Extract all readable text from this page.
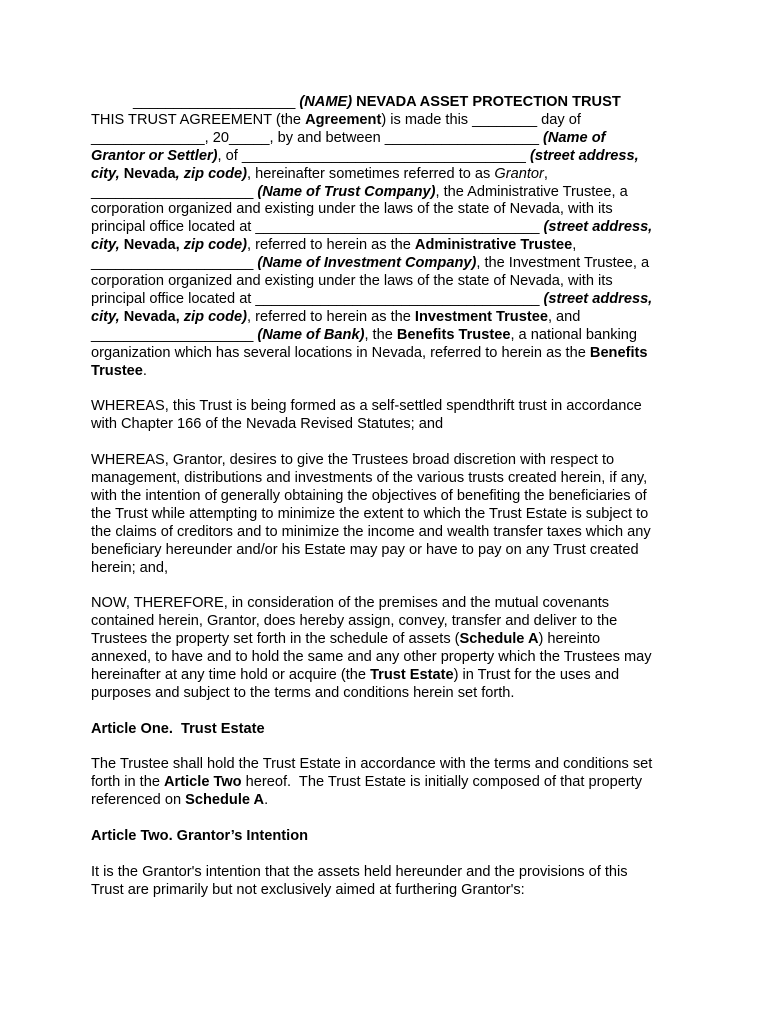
____________________ (NAME) NEVADA ASSET PROTECTION TRUST
THIS TRUST AGREEMENT (the Agreement) is made this ________ day of
______________, 20_____, by and between ___________________ (Name of
Grantor or Settler), of ___________________________________ (street address,
city, Nevada, zip code), hereinafter sometimes referred to as Grantor,
____________________ (Name of Trust Company), the Administrative Trustee, a
corporation organized and existing under the laws of the state of Nevada, with its
principal office located at ___________________________________ (street address,
city, Nevada, zip code), referred to herein as the Administrative Trustee,
____________________ (Name of Investment Company), the Investment Trustee, a
corporation organized and existing under the laws of the state of Nevada, with its
principal office located at ___________________________________ (street address,
city, Nevada, zip code), referred to herein as the Investment Trustee, and
____________________ (Name of Bank), the Benefits Trustee, a national banking
organization which has several locations in Nevada, referred to herein as the Benefits
Trustee.
WHEREAS, this Trust is being formed as a self-settled spendthrift trust in accordance
with Chapter 166 of the Nevada Revised Statutes; and
WHEREAS, Grantor, desires to give the Trustees broad discretion with respect to
management, distributions and investments of the various trusts created herein, if any,
with the intention of generally obtaining the objectives of benefiting the beneficiaries of
the Trust while attempting to minimize the extent to which the Trust Estate is subject to
the claims of creditors and to minimize the income and wealth transfer taxes which any
beneficiary hereunder and/or his Estate may pay or have to pay on any Trust created
herein; and,
NOW, THEREFORE, in consideration of the premises and the mutual covenants
contained herein, Grantor, does hereby assign, convey, transfer and deliver to the
Trustees the property set forth in the schedule of assets (Schedule A) hereinto
annexed, to have and to hold the same and any other property which the Trustees may
hereinafter at any time hold or acquire (the Trust Estate) in Trust for the uses and
purposes and subject to the terms and conditions herein set forth.
Article One.  Trust Estate
The Trustee shall hold the Trust Estate in accordance with the terms and conditions set
forth in the Article Two hereof.  The Trust Estate is initially composed of that property
referenced on Schedule A.
Article Two. Grantor’s Intention
It is the Grantor's intention that the assets held hereunder and the provisions of this
Trust are primarily but not exclusively aimed at furthering Grantor's:
